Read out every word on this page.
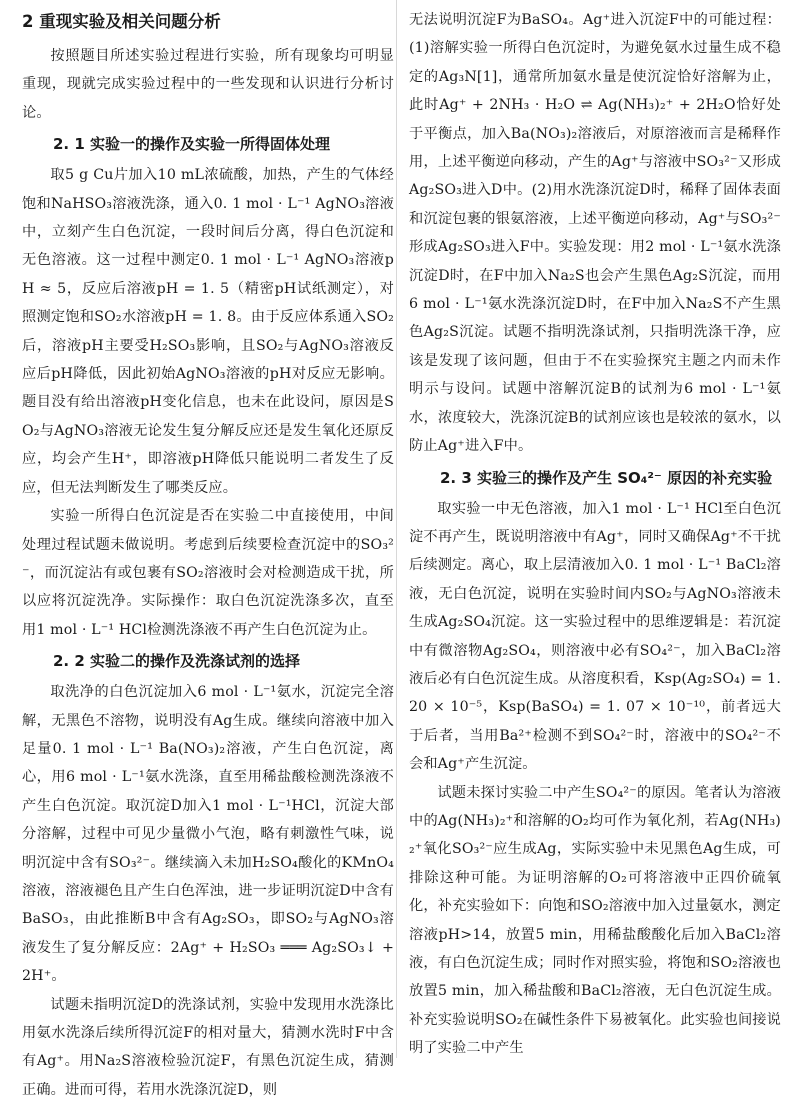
2 重现实验及相关问题分析

按照题目所述实验过程进行实验，所有现象均可明显重现，现就完成实验过程中的一些发现和认识进行分析讨论。

2. 1 实验一的操作及实验一所得固体处理

取5 g Cu片加入10 mL浓硫酸，加热，产生的气体经饱和NaHSO₃溶液洗涤，通入0. 1 mol · L⁻¹ AgNO₃溶液中，立刻产生白色沉淀，一段时间后分离，得白色沉淀和无色溶液。这一过程中测定0. 1 mol · L⁻¹ AgNO₃溶液pH ≈ 5，反应后溶液pH = 1. 5（精密pH试纸测定），对照测定饱和SO₂水溶液pH = 1. 8。由于反应体系通入SO₂后，溶液pH主要受H₂SO₃影响，且SO₂与AgNO₃溶液反应后pH降低，因此初始AgNO₃溶液的pH对反应无影响。题目没有给出溶液pH变化信息，也未在此设问，原因是SO₂与AgNO₃溶液无论发生复分解反应还是发生氧化还原反应，均会产生H⁺，即溶液pH降低只能说明二者发生了反应，但无法判断发生了哪类反应。

实验一所得白色沉淀是否在实验二中直接使用，中间处理过程试题未做说明。考虑到后续要检查沉淀中的SO₃²⁻，而沉淀沾有或包裹有SO₂溶液时会对检测造成干扰，所以应将沉淀洗净。实际操作：取白色沉淀洗涤多次，直至用1 mol · L⁻¹ HCl检测洗涤液不再产生白色沉淀为止。

2. 2 实验二的操作及洗涤试剂的选择

取洗净的白色沉淀加入6 mol · L⁻¹氨水，沉淀完全溶解，无黑色不溶物，说明没有Ag生成。继续向溶液中加入足量0. 1 mol · L⁻¹ Ba(NO₃)₂溶液，产生白色沉淀，离心，用6 mol · L⁻¹氨水洗涤，直至用稀盐酸检测洗涤液不产生白色沉淀。取沉淀D加入1 mol · L⁻¹HCl，沉淀大部分溶解，过程中可见少量微小气泡，略有刺激性气味，说明沉淀中含有SO₃²⁻。继续滴入未加H₂SO₄酸化的KMnO₄溶液，溶液褪色且产生白色浑浊，进一步证明沉淀D中含有BaSO₃，由此推断B中含有Ag₂SO₃，即SO₂与AgNO₃溶液发生了复分解反应：2Ag⁺ + H₂SO₃ ═══ Ag₂SO₃↓ + 2H⁺。

试题未指明沉淀D的洗涤试剂，实验中发现用水洗涤比用氨水洗涤后续所得沉淀F的相对量大，猜测水洗时F中含有Ag⁺。用Na₂S溶液检验沉淀F，有黑色沉淀生成，猜测正确。进而可得，若用水洗涤沉淀D，则

无法说明沉淀F为BaSO₄。Ag⁺进入沉淀F中的可能过程：(1)溶解实验一所得白色沉淀时，为避免氨水过量生成不稳定的Ag₃N[1]，通常所加氨水量是使沉淀恰好溶解为止，此时Ag⁺ + 2NH₃ · H₂O ⇌ Ag(NH₃)₂⁺ + 2H₂O恰好处于平衡点，加入Ba(NO₃)₂溶液后，对原溶液而言是稀释作用，上述平衡逆向移动，产生的Ag⁺与溶液中SO₃²⁻又形成Ag₂SO₃进入D中。(2)用水洗涤沉淀D时，稀释了固体表面和沉淀包裹的银氨溶液，上述平衡逆向移动，Ag⁺与SO₃²⁻形成Ag₂SO₃进入F中。实验发现：用2 mol · L⁻¹氨水洗涤沉淀D时，在F中加入Na₂S也会产生黑色Ag₂S沉淀，而用6 mol · L⁻¹氨水洗涤沉淀D时，在F中加入Na₂S不产生黑色Ag₂S沉淀。试题不指明洗涤试剂，只指明洗涤干净，应该是发现了该问题，但由于不在实验探究主题之内而未作明示与设问。试题中溶解沉淀B的试剂为6 mol · L⁻¹氨水，浓度较大，洗涤沉淀B的试剂应该也是较浓的氨水，以防止Ag⁺进入F中。

2. 3 实验三的操作及产生 SO₄²⁻ 原因的补充实验

取实验一中无色溶液，加入1 mol · L⁻¹ HCl至白色沉淀不再产生，既说明溶液中有Ag⁺，同时又确保Ag⁺不干扰后续测定。离心，取上层清液加入0. 1 mol · L⁻¹ BaCl₂溶液，无白色沉淀，说明在实验时间内SO₂与AgNO₃溶液未生成Ag₂SO₄沉淀。这一实验过程中的思维逻辑是：若沉淀中有微溶物Ag₂SO₄，则溶液中必有SO₄²⁻，加入BaCl₂溶液后必有白色沉淀生成。从溶度积看，Ksp(Ag₂SO₄) = 1. 20 × 10⁻⁵，Ksp(BaSO₄) = 1. 07 × 10⁻¹⁰，前者远大于后者，当用Ba²⁺检测不到SO₄²⁻时，溶液中的SO₄²⁻不会和Ag⁺产生沉淀。

试题未探讨实验二中产生SO₄²⁻的原因。笔者认为溶液中的Ag(NH₃)₂⁺和溶解的O₂均可作为氧化剂，若Ag(NH₃)₂⁺氧化SO₃²⁻应生成Ag，实际实验中未见黑色Ag生成，可排除这种可能。为证明溶解的O₂可将溶液中正四价硫氧化，补充实验如下：向饱和SO₂溶液中加入过量氨水，测定溶液pH>14，放置5 min，用稀盐酸酸化后加入BaCl₂溶液，有白色沉淀生成；同时作对照实验，将饱和SO₂溶液也放置5 min，加入稀盐酸和BaCl₂溶液，无白色沉淀生成。补充实验说明SO₂在碱性条件下易被氧化。此实验也间接说明了实验二中产生
